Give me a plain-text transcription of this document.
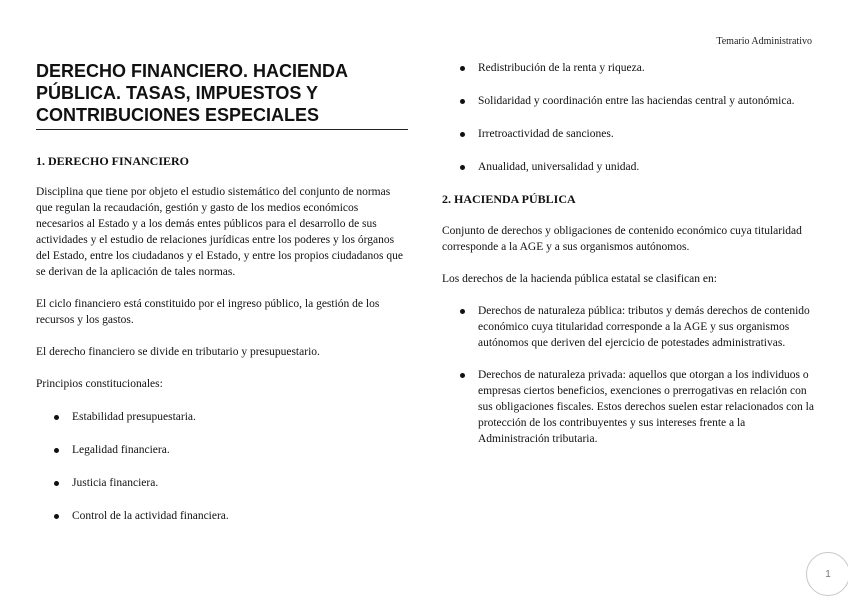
Temario Administrativo
DERECHO FINANCIERO. HACIENDA
PÚBLICA. TASAS, IMPUESTOS Y
CONTRIBUCIONES ESPECIALES
1. DERECHO FINANCIERO

Disciplina que tiene por objeto el estudio sistemático del conjunto de normas que regulan la recaudación, gestión y gasto de los medios económicos necesarios al Estado y a los demás entes públicos para el desarrollo de sus actividades y el estudio de relaciones jurídicas entre los poderes y los órganos del Estado, entre los ciudadanos y el Estado, y entre los propios ciudadanos que se derivan de la aplicación de tales normas.

El ciclo financiero está constituido por el ingreso público, la gestión de los recursos y los gastos.

El derecho financiero se divide en tributario y presupuestario.

Principios constitucionales:

Estabilidad presupuestaria.
Legalidad financiera.
Justicia financiera.
Control de la actividad financiera.
Redistribución de la renta y riqueza.
Solidaridad y coordinación entre las haciendas central y autonómica.
Irretroactividad de sanciones.
Anualidad, universalidad y unidad.
2. HACIENDA PÚBLICA

Conjunto de derechos y obligaciones de contenido económico cuya titularidad corresponde a la AGE y a sus organismos autónomos.

Los derechos de la hacienda pública estatal se clasifican en:

Derechos de naturaleza pública: tributos y demás derechos de contenido económico cuya titularidad corresponde a la AGE y sus organismos autónomos que deriven del ejercicio de potestades administrativas.
Derechos de naturaleza privada: aquellos que otorgan a los individuos o empresas ciertos beneficios, exenciones o prerrogativas en relación con sus obligaciones fiscales. Estos derechos suelen estar relacionados con la protección de los contribuyentes y sus intereses frente a la Administración tributaria.
1
